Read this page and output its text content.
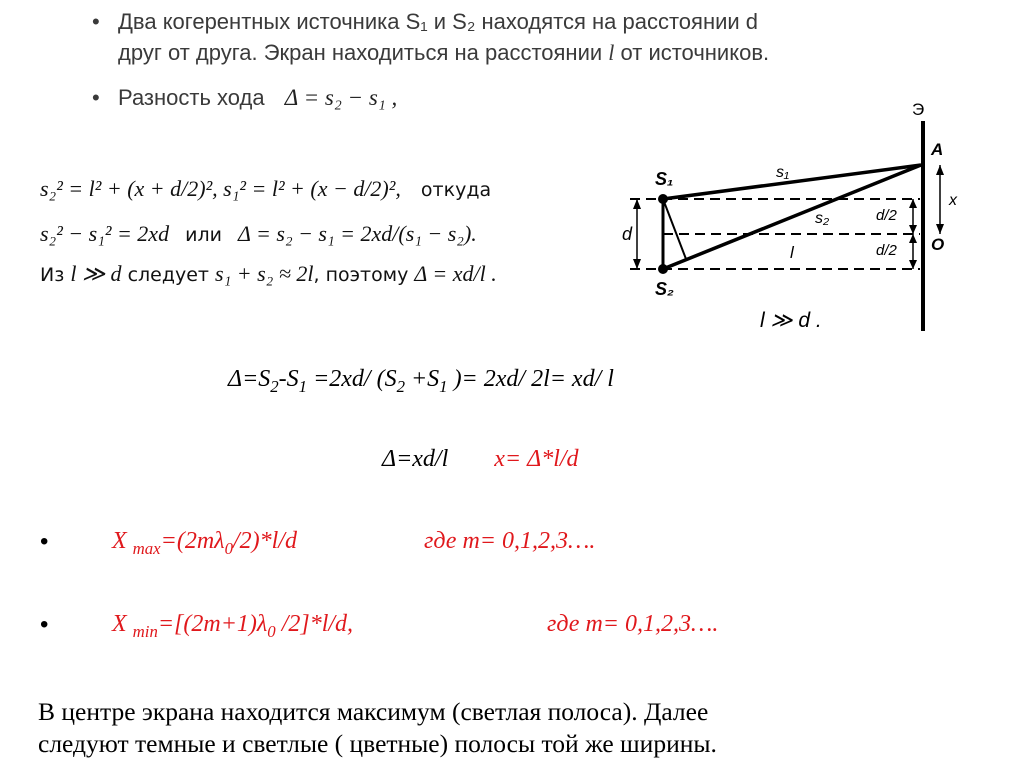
• Два когерентных источника S₁ и S₂ находятся на расстоянии d
друг от друга. Экран находиться на расстоянии l от источников.
• Разность хода Δ = s₂ − s₁ ,
s₂² = l² + (x + d/2)², s₁² = l² + (x − d/2)², откуда
s₂² − s₁² = 2xd или Δ = s₂ − s₁ = 2xd/(s₁ − s₂).
Из l ≫ d следует s₁ + s₂ ≈ 2l, поэтому Δ = xd/l .
Э
A
O
S₁
S₂
s₁
s₂
d
x
l
d/2
d/2
l ≫ d .
$\Delta=S_2-S_1 =2xd/$ ($S_2 +S_1$ )= 2xd/ 2l= xd/ l
Δ=xd/l x= Δ*l/d
•	X $_{max}=(2m\lambda_0/2)*l/d$	где m= 0,1,2,3….
•	X $_{min}=[(2m+1)\lambda_0$ /2]*l/d,	где m= 0,1,2,3….
В центре экрана находится максимум (светлая полоса). Далее
следуют темные и светлые ( цветные) полосы той же ширины.
